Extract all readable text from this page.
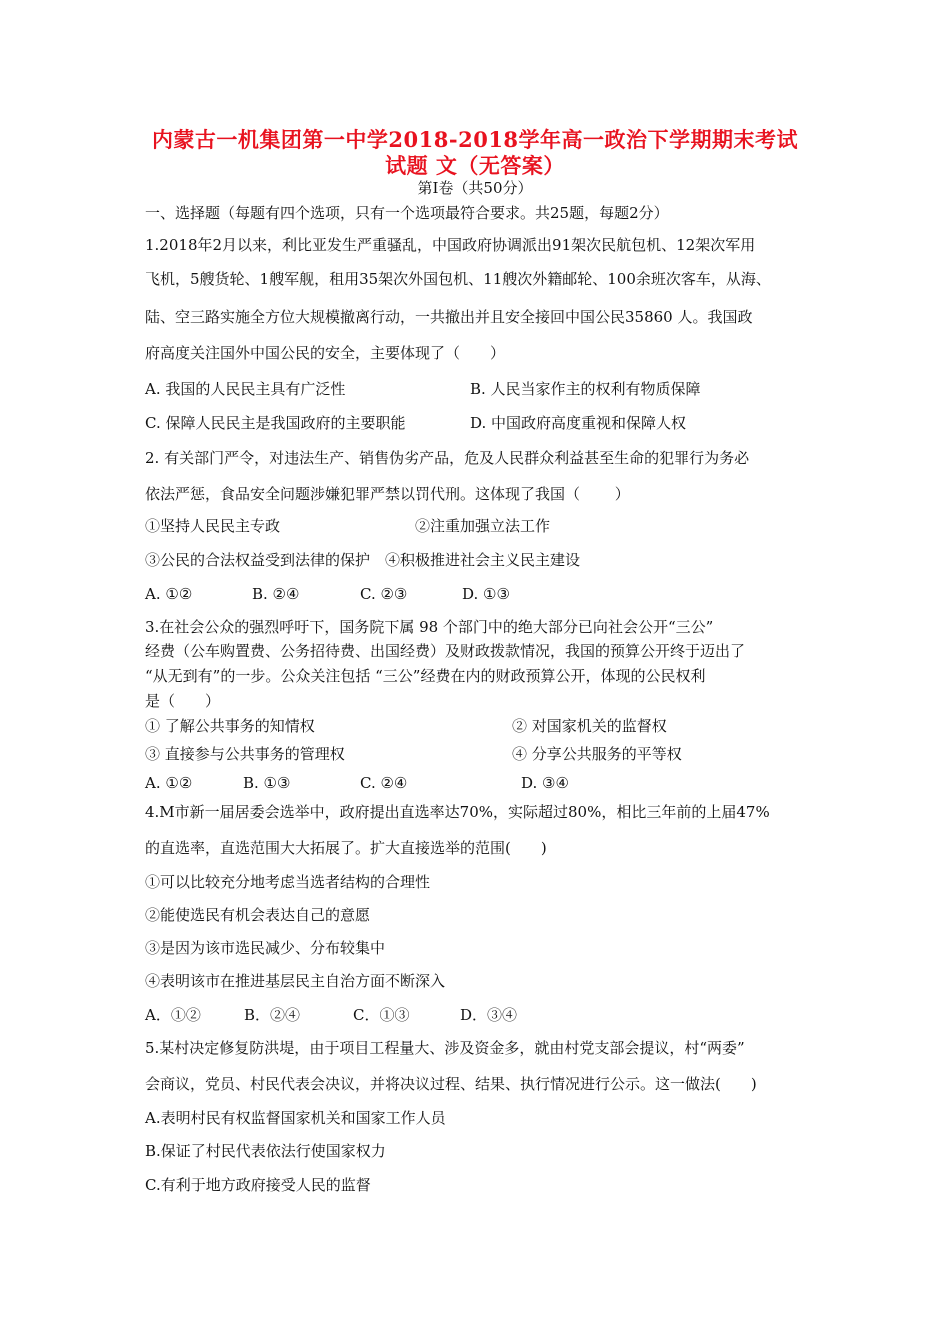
内蒙古一机集团第一中学2018-2018学年高一政治下学期期末考试
试题 文（无答案）
第Ⅰ卷（共50分）
一、选择题（每题有四个选项，只有一个选项最符合要求。共25题，每题2分）
1.2018年2月以来，利比亚发生严重骚乱，中国政府协调派出91架次民航包机、12架次军用
飞机，5艘货轮、1艘军舰，租用35架次外国包机、11艘次外籍邮轮、100余班次客车，从海、
陆、空三路实施全方位大规模撤离行动，一共撤出并且安全接回中国公民35860 人。我国政
府高度关注国外中国公民的安全，主要体现了（　　）
A. 我国的人民民主具有广泛性	B. 人民当家作主的权利有物质保障
C. 保障人民民主是我国政府的主要职能	D. 中国政府高度重视和保障人权
2. 有关部门严令，对违法生产、销售伪劣产品，危及人民群众利益甚至生命的犯罪行为务必
依法严惩，食品安全问题涉嫌犯罪严禁以罚代刑。这体现了我国（　　 ）
①坚持人民民主专政	②注重加强立法工作
③公民的合法权益受到法律的保护　④积极推进社会主义民主建设
A. ①②	B. ②④	C. ②③	D. ①③
3.在社会公众的强烈呼吁下，国务院下属 98 个部门中的绝大部分已向社会公开“三公”
经费（公车购置费、公务招待费、出国经费）及财政拨款情况，我国的预算公开终于迈出了
“从无到有”的一步。公众关注包括 “三公”经费在内的财政预算公开，体现的公民权利
是（　　）
① 了解公共事务的知情权	② 对国家机关的监督权
③ 直接参与公共事务的管理权	④ 分享公共服务的平等权
A. ①②	B. ①③	C. ②④	D. ③④
4.M市新一届居委会选举中，政府提出直选率达70%，实际超过80%，相比三年前的上届47%
的直选率，直选范围大大拓展了。扩大直接选举的范围(　　)
①可以比较充分地考虑当选者结构的合理性
②能使选民有机会表达自己的意愿
③是因为该市选民减少、分布较集中
④表明该市在推进基层民主自治方面不断深入
A．①②	B．②④	C．①③	D．③④
5.某村决定修复防洪堤，由于项目工程量大、涉及资金多，就由村党支部会提议，村“两委”
会商议，党员、村民代表会决议，并将决议过程、结果、执行情况进行公示。这一做法(　　)
A.表明村民有权监督国家机关和国家工作人员
B.保证了村民代表依法行使国家权力
C.有利于地方政府接受人民的监督
